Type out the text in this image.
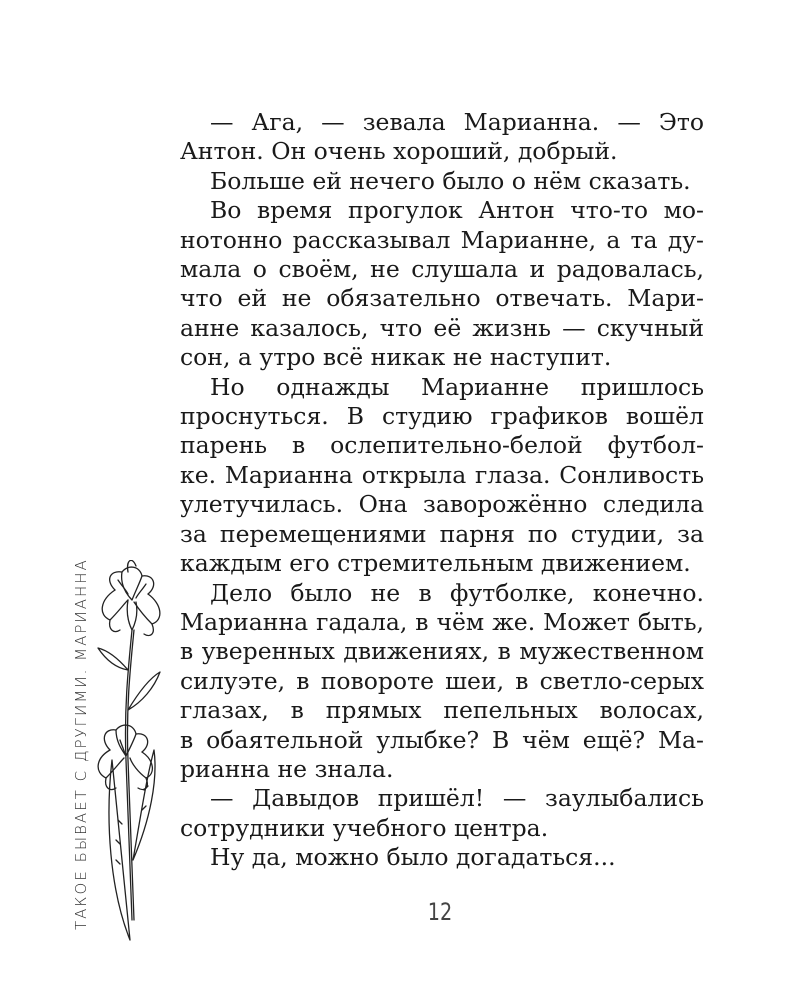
— Ага, — зевала Марианна. — Это
Антон. Он очень хороший, добрый.
Больше ей нечего было о нём сказать.
Во время прогулок Антон что-то мо-
нотонно рассказывал Марианне, а та ду-
мала о своём, не слушала и радовалась,
что ей не обязательно отвечать. Мари-
анне казалось, что её жизнь — скучный
сон, а утро всё никак не наступит.
Но однажды Марианне пришлось
проснуться. В студию графиков вошёл
парень в ослепительно-белой футбол-
ке. Марианна открыла глаза. Сонливость
улетучилась. Она заворожённо следила
за перемещениями парня по студии, за
каждым его стремительным движением.
Дело было не в футболке, конечно.
Марианна гадала, в чём же. Может быть,
в уверенных движениях, в мужественном
силуэте, в повороте шеи, в светло-серых
глазах, в прямых пепельных волосах,
в обаятельной улыбке? В чём ещё? Ма-
рианна не знала.
— Давыдов пришёл! — заулыбались
сотрудники учебного центра.
Ну да, можно было догадаться...
ТАКОЕ БЫВАЕТ С ДРУГИМИ. МАРИАННА	12
